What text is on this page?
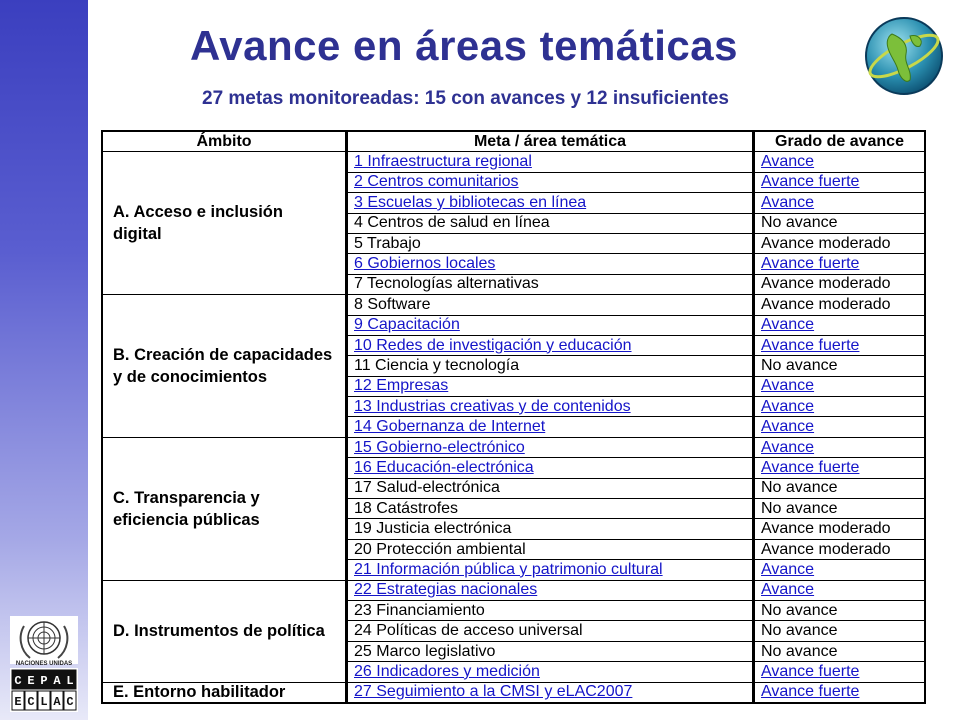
Avance en áreas temáticas
27 metas monitoreadas: 15 con avances y 12 insuficientes
Ámbito	Meta / área temática	Grado de avance
A. Acceso e inclusión digital
1 Infraestructura regional	Avance
2 Centros comunitarios	Avance fuerte
3 Escuelas y bibliotecas en línea	Avance
4 Centros de salud en línea	No avance
5 Trabajo	Avance moderado
6 Gobiernos locales	Avance fuerte
7 Tecnologías alternativas	Avance moderado
B. Creación de capacidades y de conocimientos
8 Software	Avance moderado
9 Capacitación	Avance
10 Redes de investigación y educación	Avance fuerte
11 Ciencia y tecnología	No avance
12 Empresas	Avance
13 Industrias creativas y de contenidos	Avance
14 Gobernanza de Internet	Avance
C. Transparencia y eficiencia públicas
15 Gobierno-electrónico	Avance
16 Educación-electrónica	Avance fuerte
17 Salud-electrónica	No avance
18 Catástrofes	No avance
19 Justicia electrónica	Avance moderado
20 Protección ambiental	Avance moderado
21 Información pública y patrimonio cultural	Avance
D. Instrumentos de política
22 Estrategias nacionales	Avance
23 Financiamiento	No avance
24 Políticas de acceso universal	No avance
25 Marco legislativo	No avance
26 Indicadores y medición	Avance fuerte
E. Entorno habilitador	27 Seguimiento a la CMSI y eLAC2007	Avance fuerte
NACIONES UNIDAS
C E P A L
E C L A C
